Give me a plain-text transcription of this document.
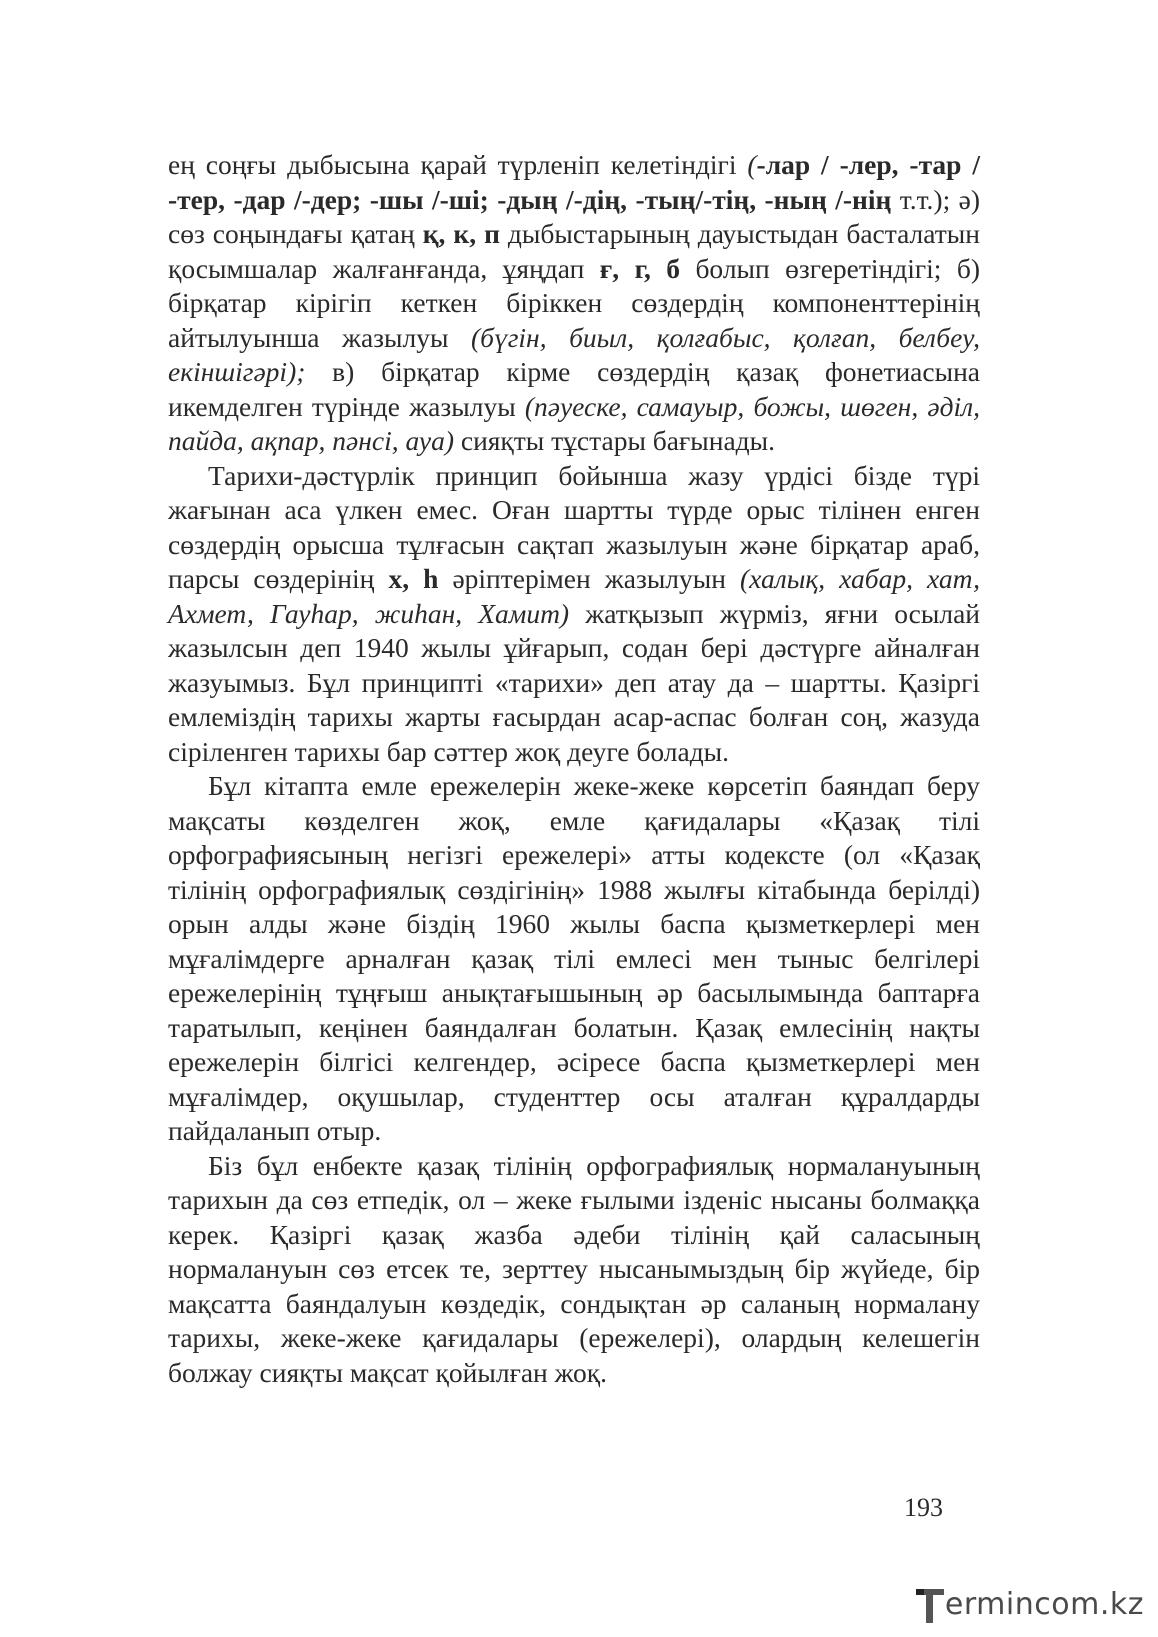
ең соңғы дыбысына қарай түрленіп келетіндігі (-лар / -лер, -тар / -тер, -дар /-дер; -шы /-ші; -дың /-дің, -тың/-тің, -ның /-нің т.т.); ә) сөз соңындағы қатаң қ, к, п дыбыстарының дауыстыдан басталатын қосымшалар жалғанғанда, ұяңдап ғ, г, б болып өзгеретіндігі; б) бірқатар кірігіп кеткен біріккен сөздердің компоненттерінің айтылуынша жазылуы (бүгін, биыл, қолғабыс, қолғап, белбеу, екіншігәрі); в) бірқатар кірме сөздердің қазақ фонетиасына икемделген түрінде жазылуы (пәуеске, самауыр, божы, шөген, әділ, пайда, ақпар, пәнсі, ауа) сияқты тұстары бағынады.

Тарихи-дәстүрлік принцип бойынша жазу үрдісі бізде түрі жағынан аса үлкен емес. Оған шартты түрде орыс тілінен енген сөздердің орысша тұлғасын сақтап жазылуын және бірқатар араб, парсы сөздерінің х, һ әріптерімен жазылуын (халық, хабар, хат, Ахмет, Гауһар, жиһан, Хамит) жатқызып жүрміз, яғни осылай жазылсын деп 1940 жылы ұйғарып, содан бері дәстүрге айналған жазуымыз. Бұл принципті «тарихи» деп атау да – шартты. Қазіргі емлеміздің тарихы жарты ғасырдан асар-аспас болған соң, жазуда сіріленген тарихы бар сәттер жоқ деуге болады.

Бұл кітапта емле ережелерін жеке-жеке көрсетіп баяндап беру мақсаты көзделген жоқ, емле қағидалары «Қазақ тілі орфографиясының негізгі ережелері» атты кодексте (ол «Қазақ тілінің орфографиялық сөздігінің» 1988 жылғы кітабында берілді) орын алды және біздің 1960 жылы баспа қызметкерлері мен мұғалімдерге арналған қазақ тілі емлесі мен тыныс белгілері ережелерінің тұңғыш анықтағышының әр басылымында баптарға таратылып, кеңінен баяндалған болатын. Қазақ емлесінің нақты ережелерін білгісі келгендер, әсіресе баспа қызметкерлері мен мұғалімдер, оқушылар, студенттер осы аталған құралдарды пайдаланып отыр.

Біз бұл енбекте қазақ тілінің орфографиялық нормалануының тарихын да сөз етпедік, ол – жеке ғылыми ізденіс нысаны болмаққа керек. Қазіргі қазақ жазба әдеби тілінің қай саласының нормалануын сөз етсек те, зерттеу нысанымыздың бір жүйеде, бір мақсатта баяндалуын көздедік, сондықтан әр саланың нормалану тарихы, жеке-жеке қағидалары (ережелері), олардың келешегін болжау сияқты мақсат қойылған жоқ.

193
ermincom.kz
